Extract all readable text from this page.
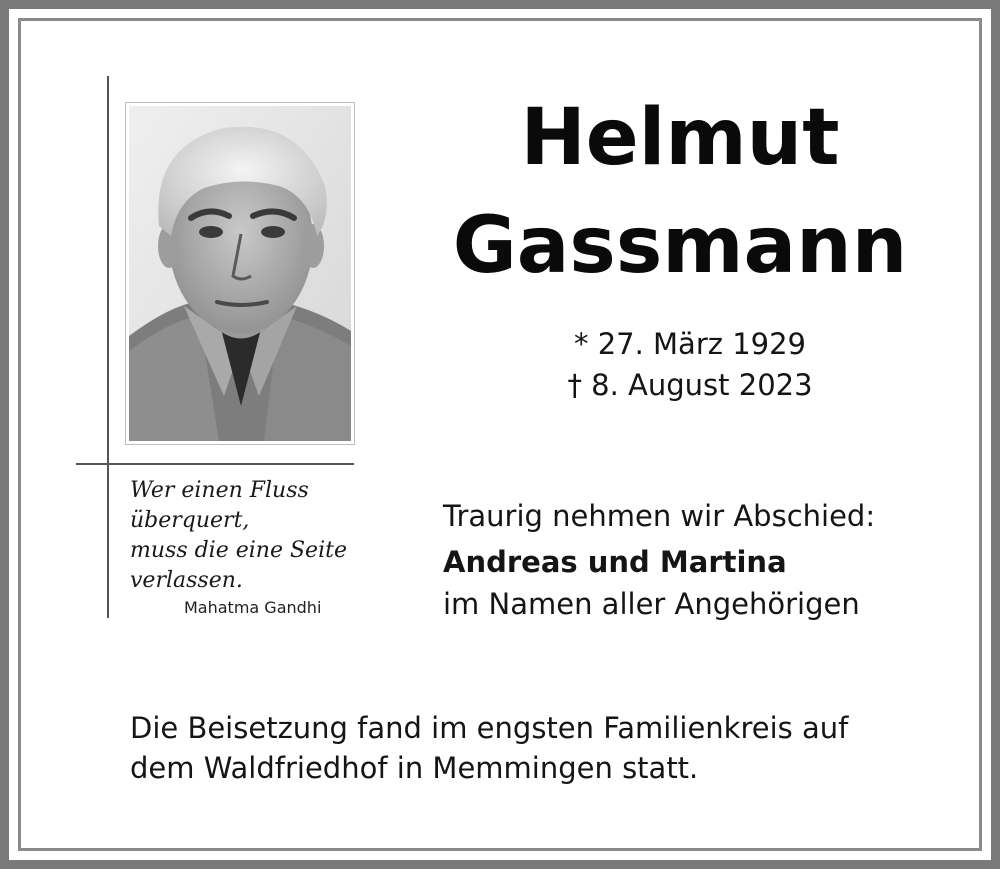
Wer einen Fluss
überquert,
muss die eine Seite
verlassen.
Mahatma Gandhi
Helmut
Gassmann
* 27. März 1929
† 8. August 2023
Traurig nehmen wir Abschied:
Andreas und Martina
im Namen aller Angehörigen
Die Beisetzung fand im engsten Familienkreis auf
dem Waldfriedhof in Memmingen statt.
